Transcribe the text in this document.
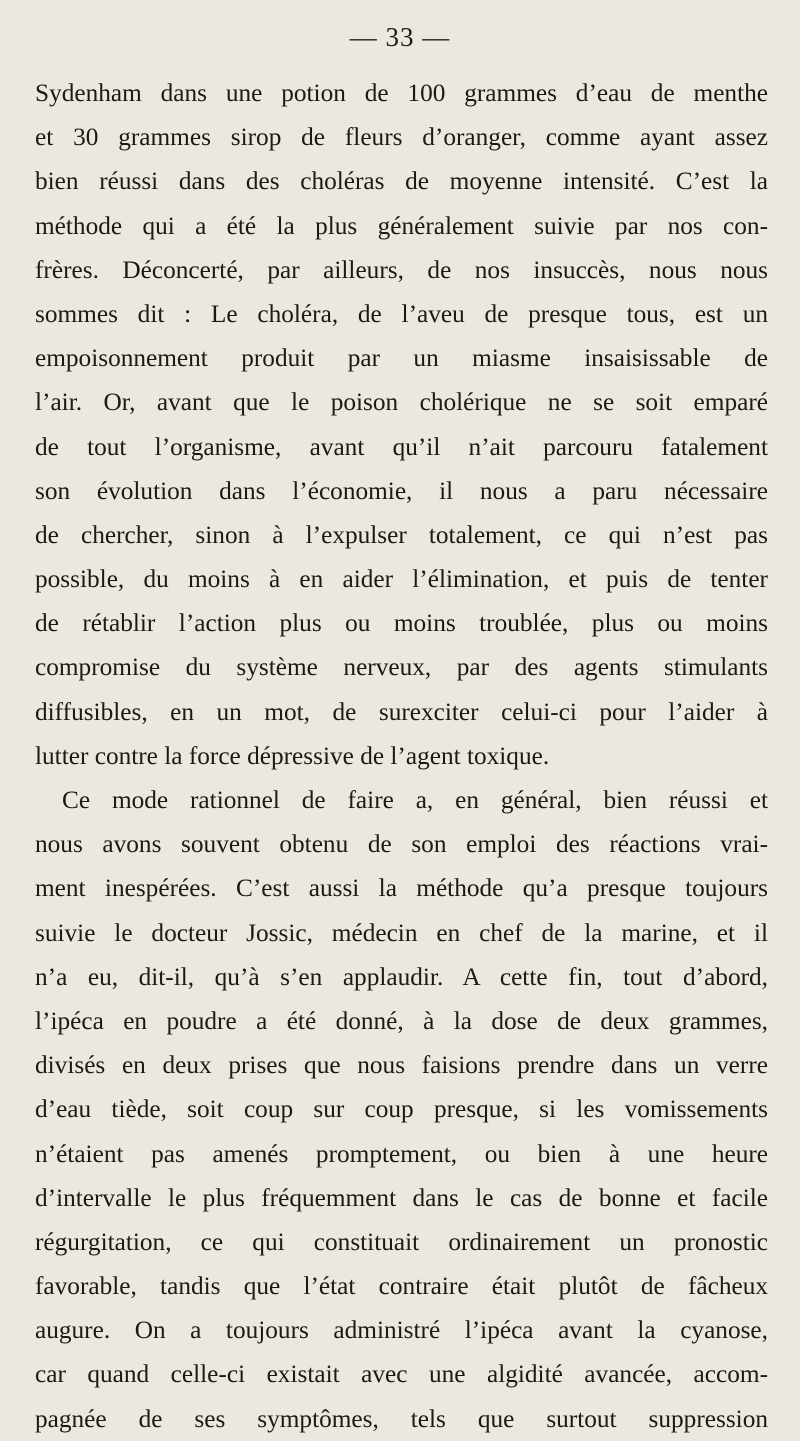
— 33 —
Sydenham dans une potion de 100 grammes d’eau de menthe
et 30 grammes sirop de fleurs d’oranger, comme ayant assez
bien réussi dans des choléras de moyenne intensité. C’est la
méthode qui a été la plus généralement suivie par nos con-
frères. Déconcerté, par ailleurs, de nos insuccès, nous nous
sommes dit : Le choléra, de l’aveu de presque tous, est un
empoisonnement produit par un miasme insaisissable de
l’air. Or, avant que le poison cholérique ne se soit emparé
de tout l’organisme, avant qu’il n’ait parcouru fatalement
son évolution dans l’économie, il nous a paru nécessaire
de chercher, sinon à l’expulser totalement, ce qui n’est pas
possible, du moins à en aider l’élimination, et puis de tenter
de rétablir l’action plus ou moins troublée, plus ou moins
compromise du système nerveux, par des agents stimulants
diffusibles, en un mot, de surexciter celui-ci pour l’aider à
lutter contre la force dépressive de l’agent toxique.
Ce mode rationnel de faire a, en général, bien réussi et
nous avons souvent obtenu de son emploi des réactions vrai-
ment inespérées. C’est aussi la méthode qu’a presque toujours
suivie le docteur Jossic, médecin en chef de la marine, et il
n’a eu, dit-il, qu’à s’en applaudir. A cette fin, tout d’abord,
l’ipéca en poudre a été donné, à la dose de deux grammes,
divisés en deux prises que nous faisions prendre dans un verre
d’eau tiède, soit coup sur coup presque, si les vomissements
n’étaient pas amenés promptement, ou bien à une heure
d’intervalle le plus fréquemment dans le cas de bonne et facile
régurgitation, ce qui constituait ordinairement un pronostic
favorable, tandis que l’état contraire était plutôt de fâcheux
augure. On a toujours administré l’ipéca avant la cyanose,
car quand celle-ci existait avec une algidité avancée, accom-
pagnée de ses symptômes, tels que surtout suppression
